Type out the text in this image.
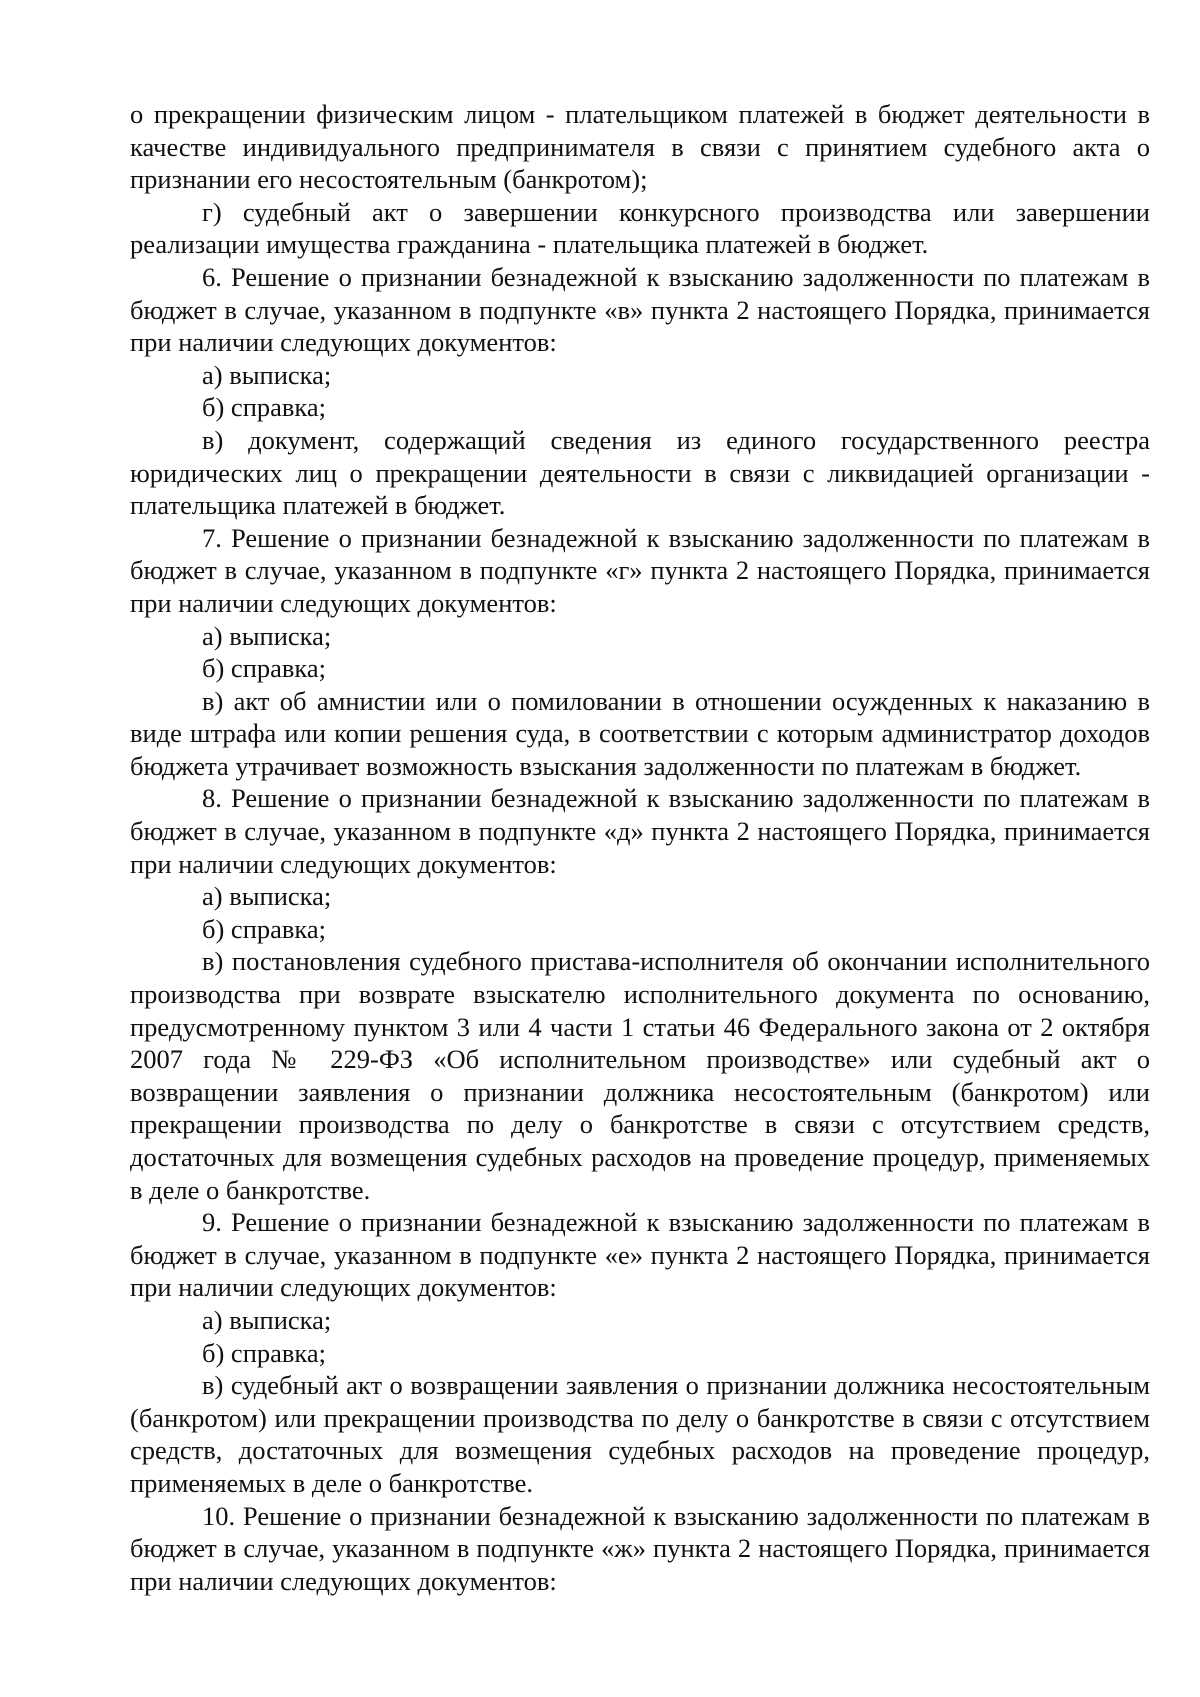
о прекращении физическим лицом - плательщиком платежей в бюджет деятельности в качестве индивидуального предпринимателя в связи с принятием судебного акта о признании его несостоятельным (банкротом);

г) судебный акт о завершении конкурсного производства или завершении реализации имущества гражданина - плательщика платежей в бюджет.

6. Решение о признании безнадежной к взысканию задолженности по платежам в бюджет в случае, указанном в подпункте «в» пункта 2 настоящего Порядка, принимается при наличии следующих документов:

а) выписка;

б) справка;

в) документ, содержащий сведения из единого государственного реестра юридических лиц о прекращении деятельности в связи с ликвидацией организации - плательщика платежей в бюджет.

7. Решение о признании безнадежной к взысканию задолженности по платежам в бюджет в случае, указанном в подпункте «г» пункта 2 настоящего Порядка, принимается при наличии следующих документов:

а) выписка;

б) справка;

в) акт об амнистии или о помиловании в отношении осужденных к наказанию в виде штрафа или копии решения суда, в соответствии с которым администратор доходов бюджета утрачивает возможность взыскания задолженности по платежам в бюджет.

8. Решение о признании безнадежной к взысканию задолженности по платежам в бюджет в случае, указанном в подпункте «д» пункта 2 настоящего Порядка, принимается при наличии следующих документов:

а) выписка;

б) справка;

в) постановления судебного пристава-исполнителя об окончании исполнительного производства при возврате взыскателю исполнительного документа по основанию, предусмотренному пунктом 3 или 4 части 1 статьи 46 Федерального закона от 2 октября 2007 года № 229-ФЗ «Об исполнительном производстве» или судебный акт о возвращении заявления о признании должника несостоятельным (банкротом) или прекращении производства по делу о банкротстве в связи с отсутствием средств, достаточных для возмещения судебных расходов на проведение процедур, применяемых в деле о банкротстве.

9. Решение о признании безнадежной к взысканию задолженности по платежам в бюджет в случае, указанном в подпункте «е» пункта 2 настоящего Порядка, принимается при наличии следующих документов:

а) выписка;

б) справка;

в) судебный акт о возвращении заявления о признании должника несостоятельным (банкротом) или прекращении производства по делу о банкротстве в связи с отсутствием средств, достаточных для возмещения судебных расходов на проведение процедур, применяемых в деле о банкротстве.

10. Решение о признании безнадежной к взысканию задолженности по платежам в бюджет в случае, указанном в подпункте «ж» пункта 2 настоящего Порядка, принимается при наличии следующих документов:
